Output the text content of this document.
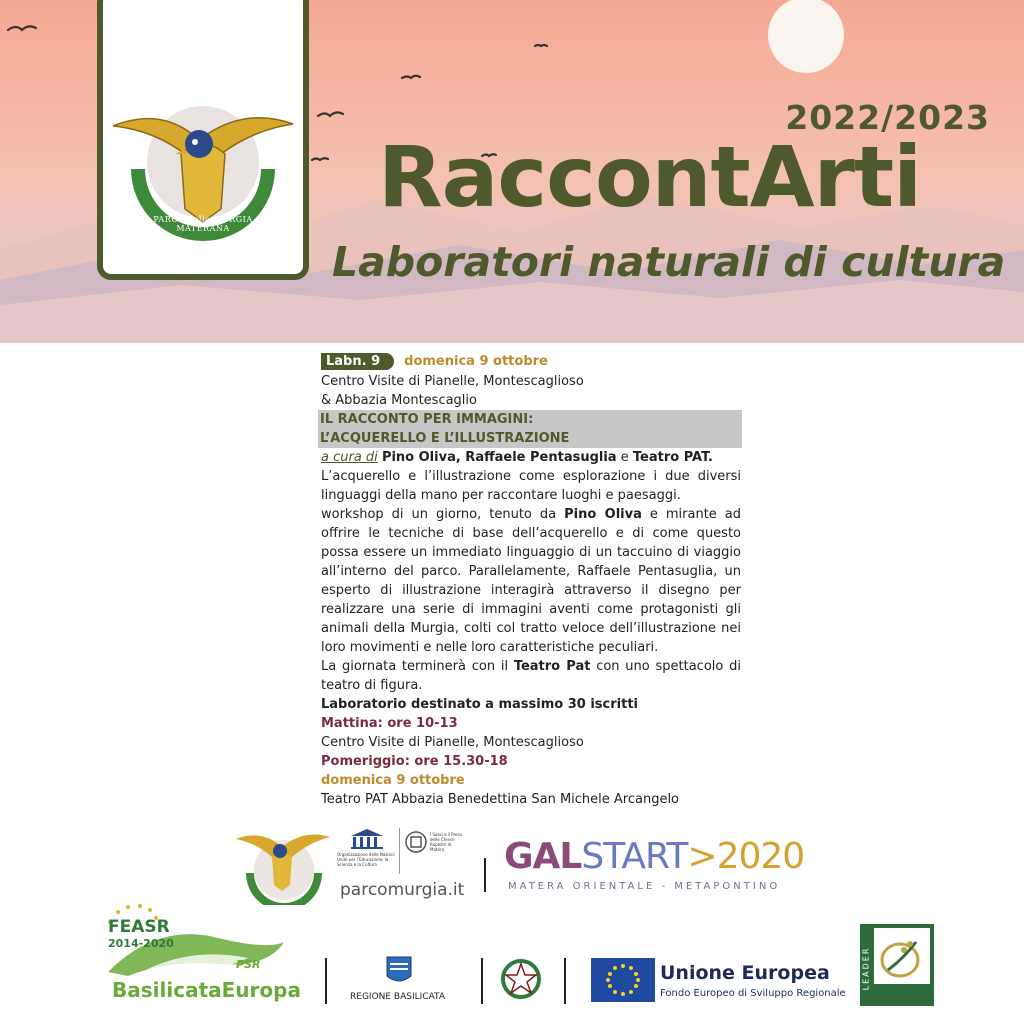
PARCO della MURGIA MATERANA
2022/2023
RaccontArti
Laboratori naturali di cultura
Labn. 9	domenica 9 ottobre

Centro Visite di Pianelle, Montescaglioso

& Abbazia Montescaglio

IL RACCONTO PER IMMAGINI:
L’ACQUERELLO E L’ILLUSTRAZIONE

a cura di Pino Oliva, Raffaele Pentasuglia e Teatro PAT.

L’acquerello e l’illustrazione come esplorazione i due diversi linguaggi della mano per raccontare luoghi e paesaggi.

workshop di un giorno, tenuto da Pino Oliva e mirante ad offrire le tecniche di base dell’acquerello e di come questo possa essere un immediato linguaggio di un taccuino di viaggio all’interno del parco. Parallelamente, Raffaele Pentasuglia, un esperto di illustrazione interagirà attraverso il disegno per realizzare una serie di immagini aventi come protagonisti gli animali della Murgia, colti col tratto veloce dell’illustrazione nei loro movimenti e nelle loro caratteristiche peculiari.

La giornata terminerà con il Teatro Pat con uno spettacolo di teatro di figura.

Laboratorio destinato a massimo 30 iscritti

Mattina: ore 10-13

Centro Visite di Pianelle, Montescaglioso

Pomeriggio: ore 15.30-18

domenica 9 ottobre

Teatro PAT Abbazia Benedettina San Michele Arcangelo

Organizzazione delle Nazioni Unite per l’Educazione, la Scienza e la Cultura
I Sassi e il Parco delle Chiese Rupestri di Matera
parcomurgia.it
GALSTART>2020
MATERA ORIENTALE - METAPONTINO
FEASR
2014-2020
PSR
BasilicataEuropa	REGIONE BASILICATA
Unione Europea
Fondo Europeo di Sviluppo Regionale
LEADER
